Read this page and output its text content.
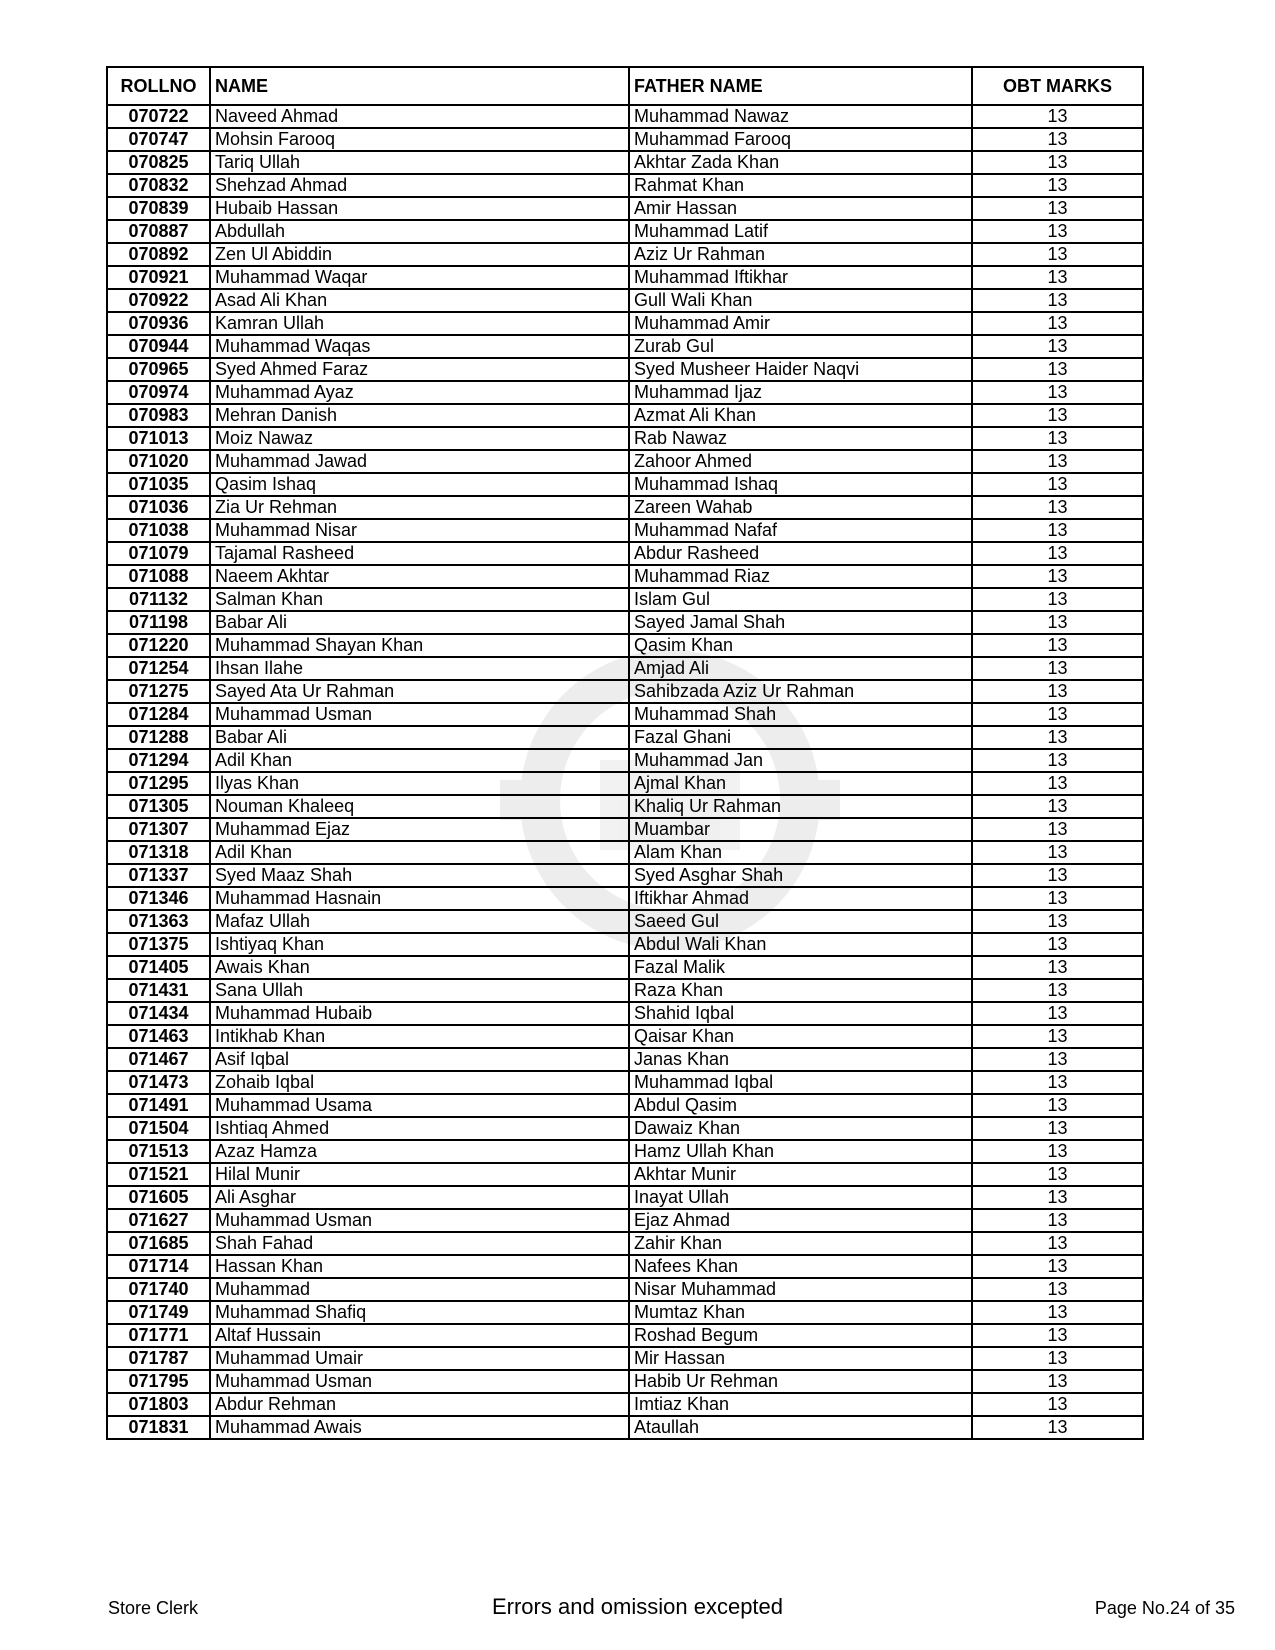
ROLLNO	NAME	FATHER NAME	OBT MARKS
070722	Naveed Ahmad	Muhammad Nawaz	13
070747	Mohsin Farooq	Muhammad Farooq	13
070825	Tariq Ullah	Akhtar Zada Khan	13
070832	Shehzad Ahmad	Rahmat Khan	13
070839	Hubaib Hassan	Amir Hassan	13
070887	Abdullah	Muhammad Latif	13
070892	Zen Ul Abiddin	Aziz Ur Rahman	13
070921	Muhammad Waqar	Muhammad Iftikhar	13
070922	Asad Ali Khan	Gull Wali Khan	13
070936	Kamran Ullah	Muhammad Amir	13
070944	Muhammad Waqas	Zurab Gul	13
070965	Syed Ahmed Faraz	Syed Musheer Haider Naqvi	13
070974	Muhammad Ayaz	Muhammad Ijaz	13
070983	Mehran Danish	Azmat Ali Khan	13
071013	Moiz Nawaz	Rab Nawaz	13
071020	Muhammad Jawad	Zahoor Ahmed	13
071035	Qasim Ishaq	Muhammad Ishaq	13
071036	Zia Ur Rehman	Zareen Wahab	13
071038	Muhammad Nisar	Muhammad Nafaf	13
071079	Tajamal Rasheed	Abdur Rasheed	13
071088	Naeem Akhtar	Muhammad Riaz	13
071132	Salman Khan	Islam Gul	13
071198	Babar Ali	Sayed Jamal Shah	13
071220	Muhammad Shayan Khan	Qasim Khan	13
071254	Ihsan Ilahe	Amjad Ali	13
071275	Sayed Ata Ur Rahman	Sahibzada Aziz Ur Rahman	13
071284	Muhammad Usman	Muhammad Shah	13
071288	Babar Ali	Fazal Ghani	13
071294	Adil Khan	Muhammad Jan	13
071295	Ilyas Khan	Ajmal Khan	13
071305	Nouman Khaleeq	Khaliq Ur Rahman	13
071307	Muhammad Ejaz	Muambar	13
071318	Adil Khan	Alam Khan	13
071337	Syed Maaz Shah	Syed Asghar Shah	13
071346	Muhammad Hasnain	Iftikhar Ahmad	13
071363	Mafaz Ullah	Saeed Gul	13
071375	Ishtiyaq Khan	Abdul Wali Khan	13
071405	Awais Khan	Fazal Malik	13
071431	Sana Ullah	Raza Khan	13
071434	Muhammad Hubaib	Shahid Iqbal	13
071463	Intikhab Khan	Qaisar Khan	13
071467	Asif Iqbal	Janas Khan	13
071473	Zohaib Iqbal	Muhammad Iqbal	13
071491	Muhammad Usama	Abdul Qasim	13
071504	Ishtiaq Ahmed	Dawaiz Khan	13
071513	Azaz Hamza	Hamz Ullah Khan	13
071521	Hilal Munir	Akhtar Munir	13
071605	Ali Asghar	Inayat Ullah	13
071627	Muhammad Usman	Ejaz Ahmad	13
071685	Shah Fahad	Zahir Khan	13
071714	Hassan Khan	Nafees Khan	13
071740	Muhammad	Nisar Muhammad	13
071749	Muhammad Shafiq	Mumtaz Khan	13
071771	Altaf Hussain	Roshad Begum	13
071787	Muhammad Umair	Mir Hassan	13
071795	Muhammad Usman	Habib Ur Rehman	13
071803	Abdur Rehman	Imtiaz Khan	13
071831	Muhammad Awais	Ataullah	13
Store Clerk	Errors and omission excepted	Page No.24 of 35
